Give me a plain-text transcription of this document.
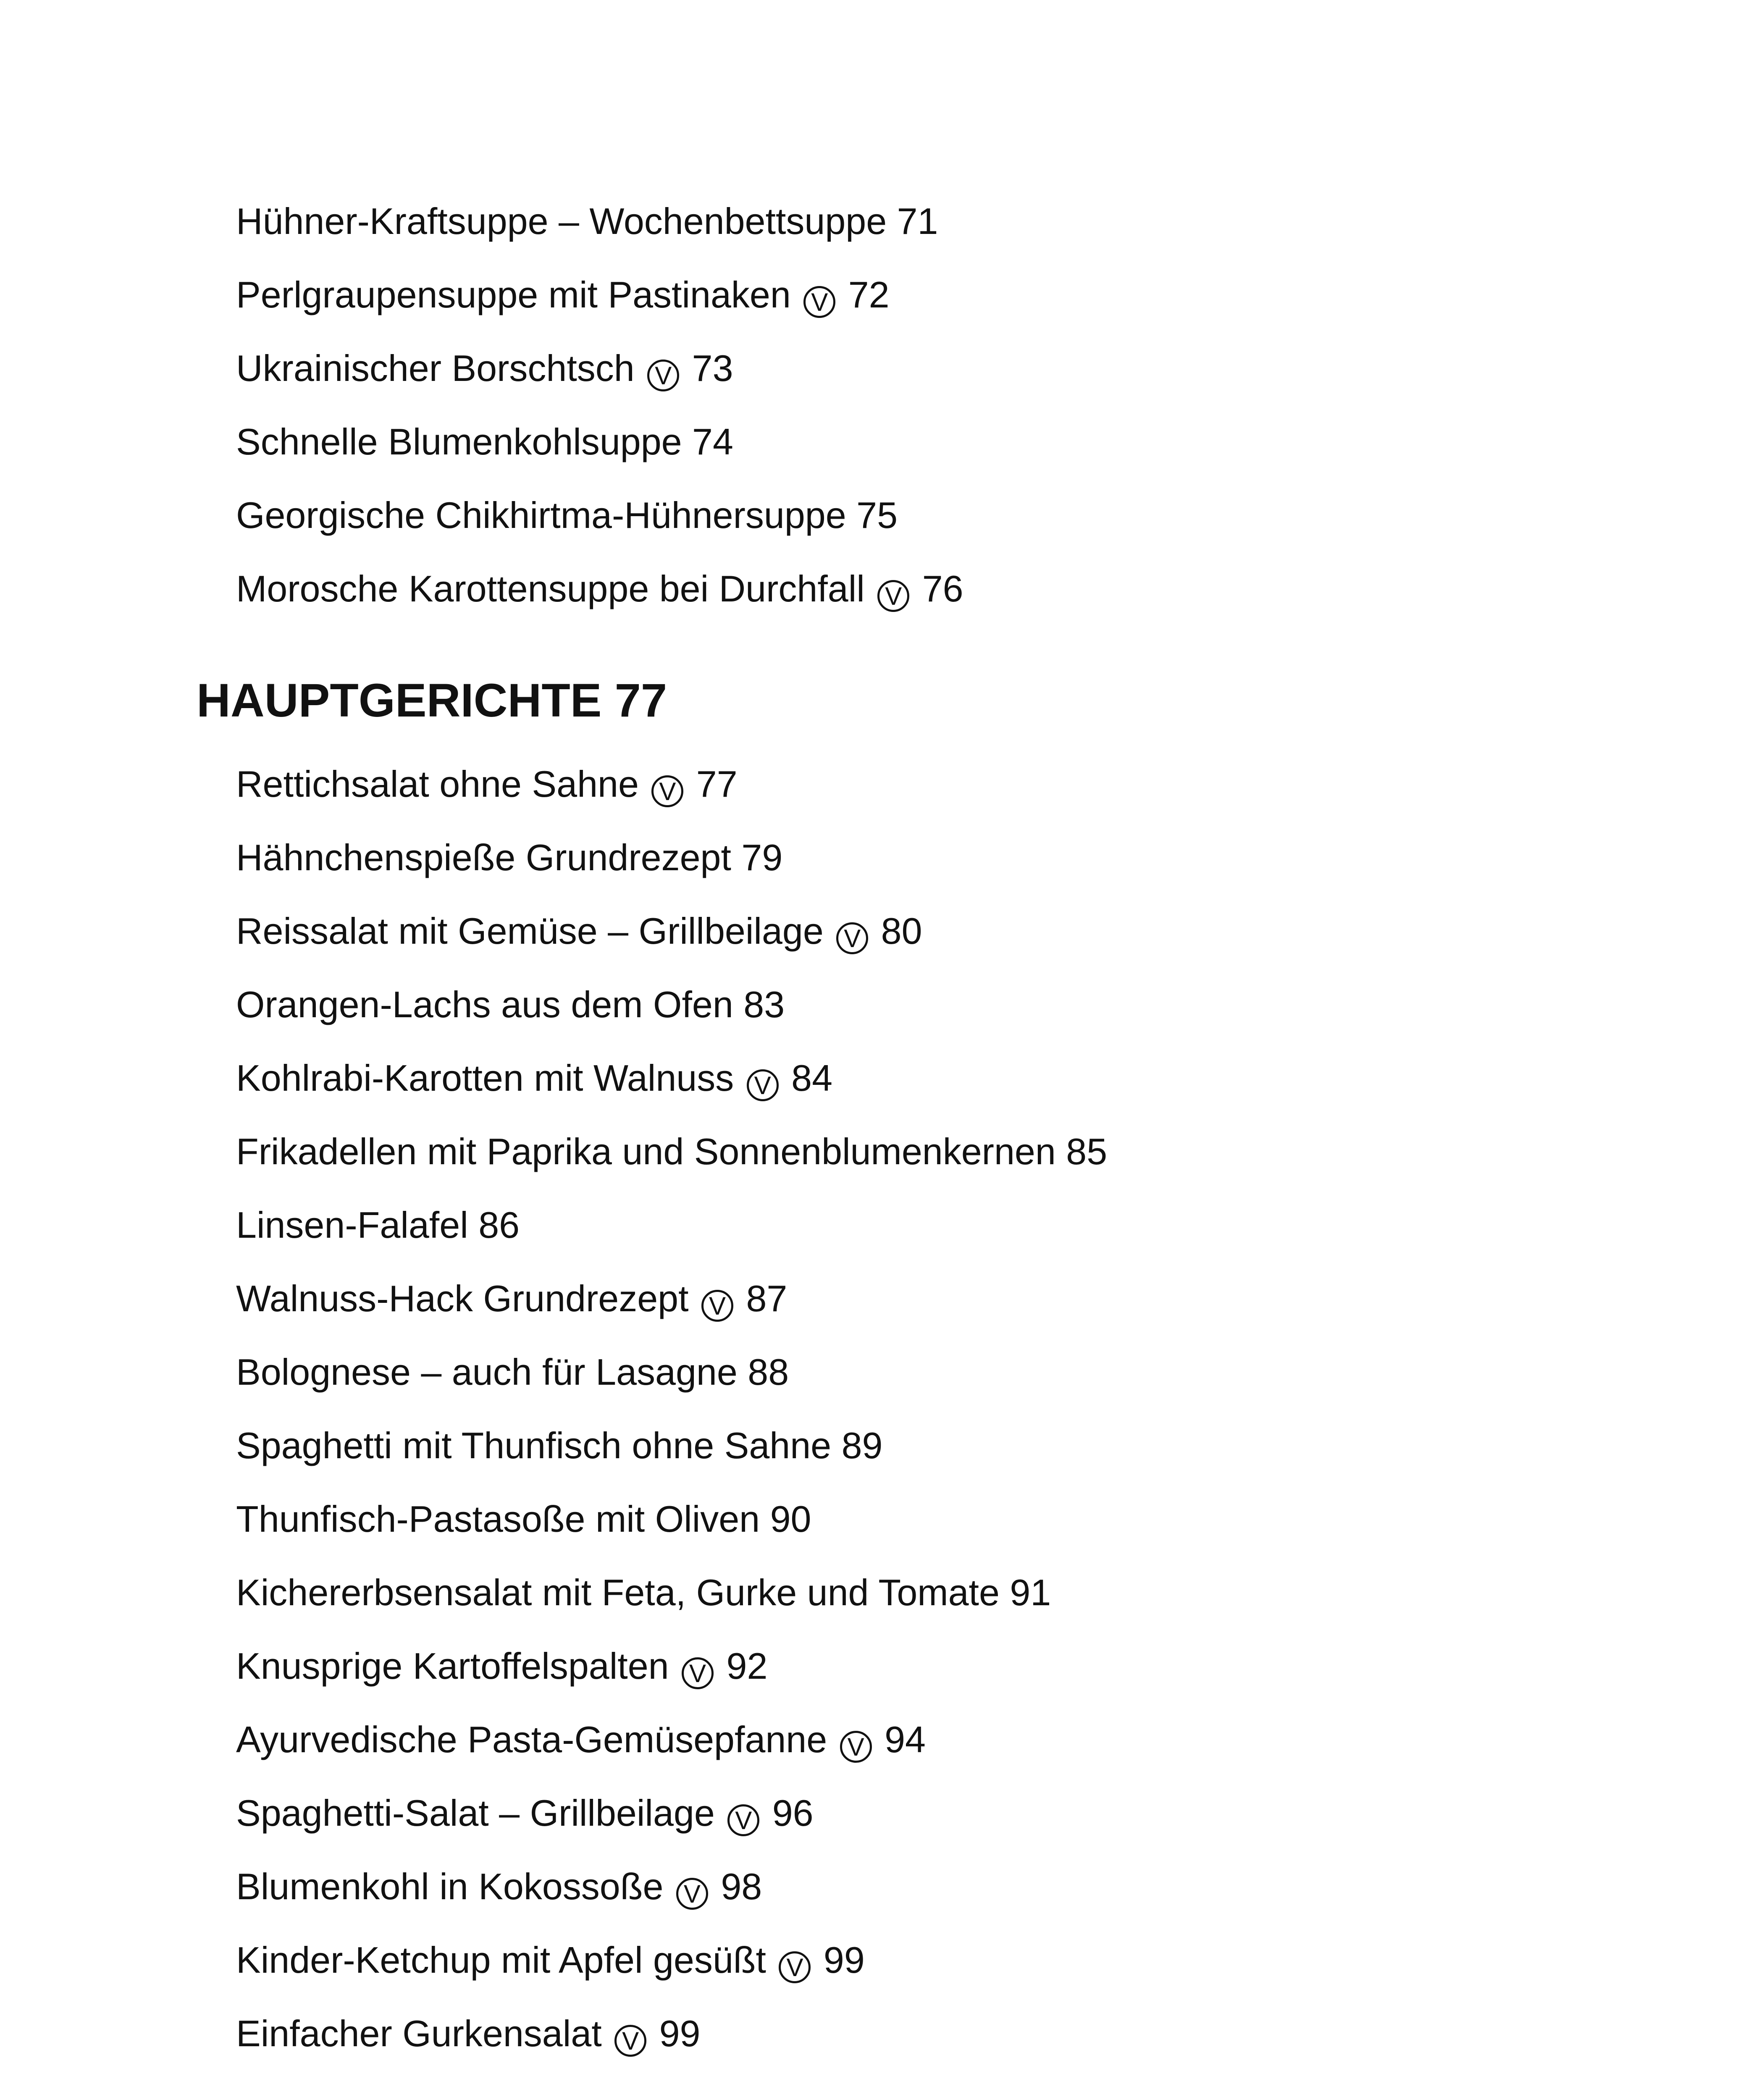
Hühner-Kraftsuppe – Wochenbettsuppe 71
Perlgraupensuppe mit Pastinaken V 72
Ukrainischer Borschtsch V 73
Schnelle Blumenkohlsuppe 74
Georgische Chikhirtma-Hühnersuppe 75
Morosche Karottensuppe bei Durchfall V 76
HAUPTGERICHTE 77
Rettichsalat ohne Sahne V 77
Hähnchenspieße Grundrezept 79
Reissalat mit Gemüse – Grillbeilage V 80
Orangen-Lachs aus dem Ofen 83
Kohlrabi-Karotten mit Walnuss V 84
Frikadellen mit Paprika und Sonnenblumenkernen 85
Linsen-Falafel 86
Walnuss-Hack Grundrezept V 87
Bolognese – auch für Lasagne 88
Spaghetti mit Thunfisch ohne Sahne 89
Thunfisch-Pastasoße mit Oliven 90
Kichererbsensalat mit Feta, Gurke und Tomate 91
Knusprige Kartoffelspalten V 92
Ayurvedische Pasta-Gemüsepfanne V 94
Spaghetti-Salat – Grillbeilage V 96
Blumenkohl in Kokossoße V 98
Kinder-Ketchup mit Apfel gesüßt V 99
Einfacher Gurkensalat V 99
